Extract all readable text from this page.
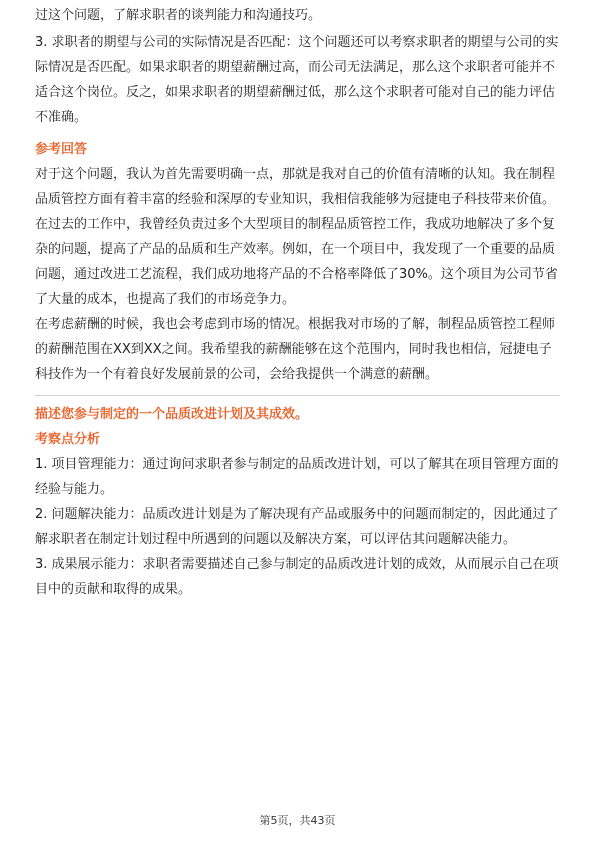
过这个问题，了解求职者的谈判能力和沟通技巧。

3. 求职者的期望与公司的实际情况是否匹配：这个问题还可以考察求职者的期望与公司的实际情况是否匹配。如果求职者的期望薪酬过高，而公司无法满足，那么这个求职者可能并不适合这个岗位。反之，如果求职者的期望薪酬过低，那么这个求职者可能对自己的能力评估不准确。

参考回答

对于这个问题，我认为首先需要明确一点，那就是我对自己的价值有清晰的认知。我在制程品质管控方面有着丰富的经验和深厚的专业知识，我相信我能够为冠捷电子科技带来价值。

在过去的工作中，我曾经负责过多个大型项目的制程品质管控工作，我成功地解决了多个复杂的问题，提高了产品的品质和生产效率。例如，在一个项目中，我发现了一个重要的品质问题，通过改进工艺流程，我们成功地将产品的不合格率降低了30%。这个项目为公司节省了大量的成本，也提高了我们的市场竞争力。

在考虑薪酬的时候，我也会考虑到市场的情况。根据我对市场的了解，制程品质管控工程师的薪酬范围在XX到XX之间。我希望我的薪酬能够在这个范围内，同时我也相信，冠捷电子科技作为一个有着良好发展前景的公司，会给我提供一个满意的薪酬。

描述您参与制定的一个品质改进计划及其成效。

考察点分析

1. 项目管理能力：通过询问求职者参与制定的品质改进计划，可以了解其在项目管理方面的经验与能力。

2. 问题解决能力：品质改进计划是为了解决现有产品或服务中的问题而制定的，因此通过了解求职者在制定计划过程中所遇到的问题以及解决方案，可以评估其问题解决能力。

3. 成果展示能力：求职者需要描述自己参与制定的品质改进计划的成效，从而展示自己在项目中的贡献和取得的成果。

第5页，共43页
